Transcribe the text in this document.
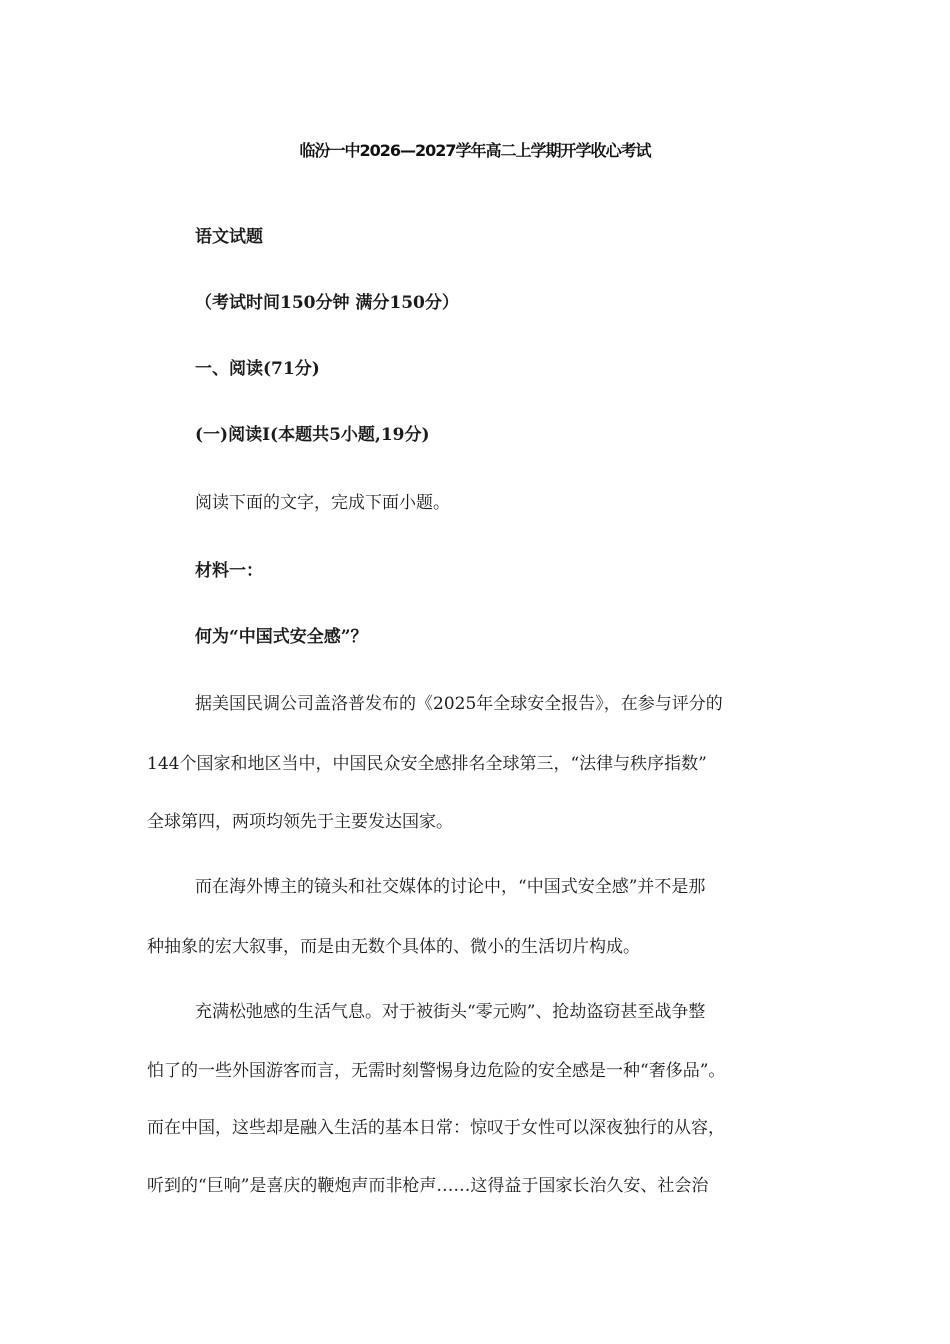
临汾一中2026—2027学年高二上学期开学收心考试

语文试题

（考试时间150分钟 满分150分）

一、阅读(71分)

(一)阅读Ⅰ(本题共5小题,19分)

阅读下面的文字，完成下面小题。

材料一：

何为“中国式安全感”？

据美国民调公司盖洛普发布的《2025年全球安全报告》，在参与评分的

144个国家和地区当中，中国民众安全感排名全球第三，“法律与秩序指数”

全球第四，两项均领先于主要发达国家。

而在海外博主的镜头和社交媒体的讨论中，“中国式安全感”并不是那

种抽象的宏大叙事，而是由无数个具体的、微小的生活切片构成。

充满松弛感的生活气息。对于被街头“零元购”、抢劫盗窃甚至战争整

怕了的一些外国游客而言，无需时刻警惕身边危险的安全感是一种“奢侈品”。

而在中国，这些却是融入生活的基本日常：惊叹于女性可以深夜独行的从容，

听到的“巨响”是喜庆的鞭炮声而非枪声……这得益于国家长治久安、社会治
